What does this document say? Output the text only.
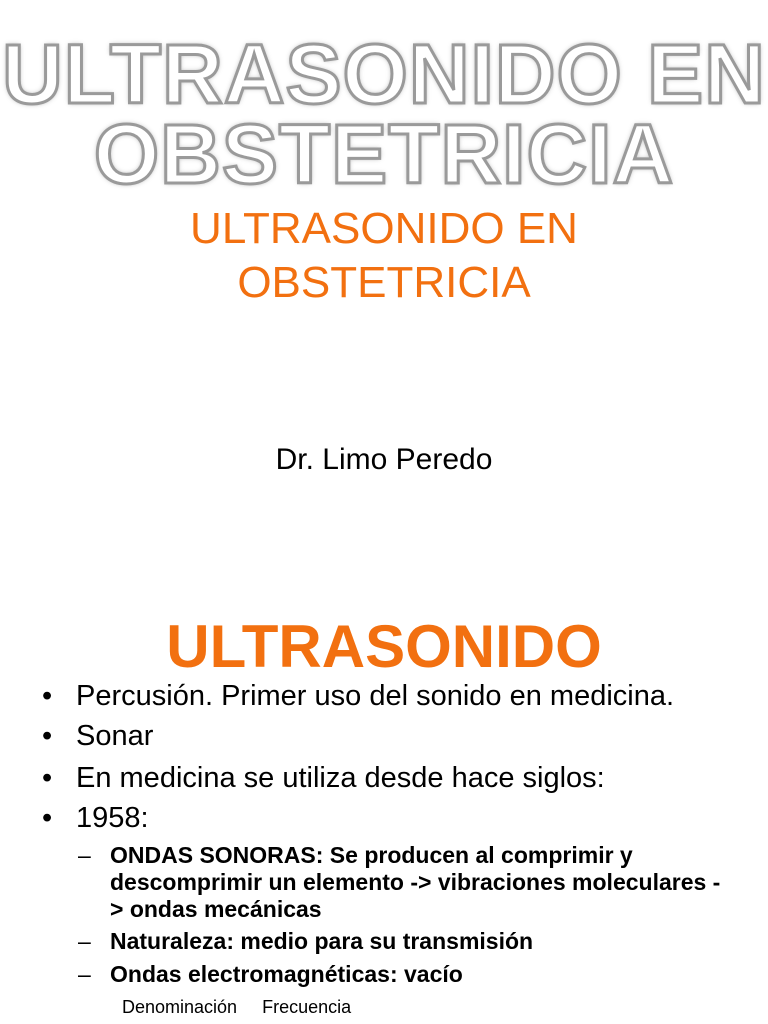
ULTRASONIDO EN
OBSTETRICIA
ULTRASONIDO EN
OBSTETRICIA
Dr. Limo Peredo
ULTRASONIDO
• Percusión. Primer uso del sonido en medicina.
• Sonar
• En medicina se utiliza desde hace siglos:
• 1958:
– ONDAS SONORAS: Se producen al comprimir y descomprimir un elemento -> vibraciones moleculares -> ondas mecánicas
– Naturaleza: medio para su transmisión
– Ondas electromagnéticas: vacío
Denominación Frecuencia
